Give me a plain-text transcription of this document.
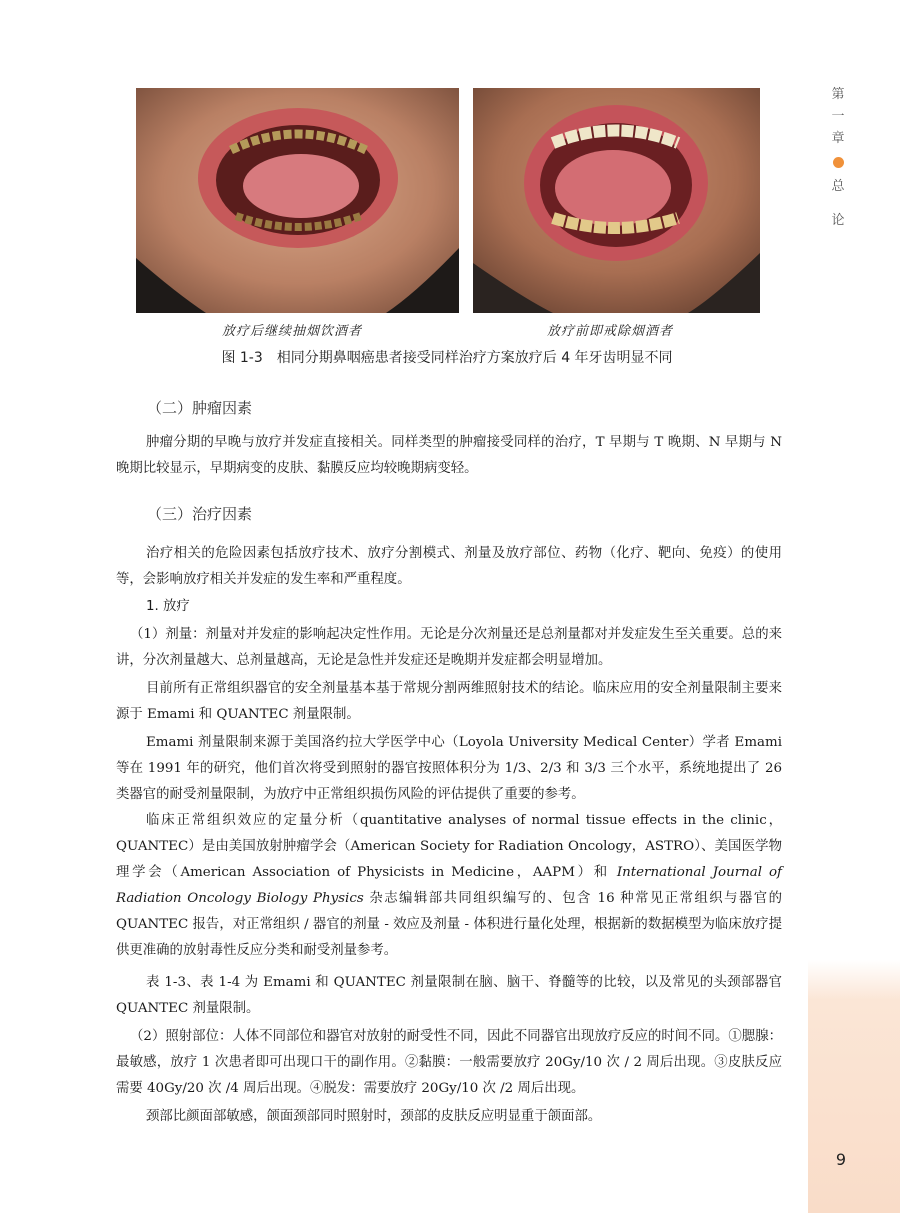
第
一
章
总
论
9
放疗后继续抽烟饮酒者	放疗前即戒除烟酒者
图 1-3　相同分期鼻咽癌患者接受同样治疗方案放疗后 4 年牙齿明显不同
（二）肿瘤因素
肿瘤分期的早晚与放疗并发症直接相关。同样类型的肿瘤接受同样的治疗，T 早期与 T 晚期、N 早期与 N 晚期比较显示，早期病变的皮肤、黏膜反应均较晚期病变轻。
（三）治疗因素
治疗相关的危险因素包括放疗技术、放疗分割模式、剂量及放疗部位、药物（化疗、靶向、免疫）的使用等，会影响放疗相关并发症的发生率和严重程度。
1. 放疗
（1）剂量：剂量对并发症的影响起决定性作用。无论是分次剂量还是总剂量都对并发症发生至关重要。总的来讲，分次剂量越大、总剂量越高，无论是急性并发症还是晚期并发症都会明显增加。
目前所有正常组织器官的安全剂量基本基于常规分割两维照射技术的结论。临床应用的安全剂量限制主要来源于 Emami 和 QUANTEC 剂量限制。
Emami 剂量限制来源于美国洛约拉大学医学中心（Loyola University Medical Center）学者 Emami 等在 1991 年的研究，他们首次将受到照射的器官按照体积分为 1/3、2/3 和 3/3 三个水平，系统地提出了 26 类器官的耐受剂量限制，为放疗中正常组织损伤风险的评估提供了重要的参考。
临床正常组织效应的定量分析（quantitative analyses of normal tissue effects in the clinic，QUANTEC）是由美国放射肿瘤学会（American Society for Radiation Oncology，ASTRO）、美国医学物理学会（American Association of Physicists in Medicine，AAPM）和 International Journal of Radiation Oncology Biology Physics 杂志编辑部共同组织编写的、包含 16 种常见正常组织与器官的 QUANTEC 报告，对正常组织 / 器官的剂量 - 效应及剂量 - 体积进行量化处理，根据新的数据模型为临床放疗提供更准确的放射毒性反应分类和耐受剂量参考。
表 1-3、表 1-4 为 Emami 和 QUANTEC 剂量限制在脑、脑干、脊髓等的比较，以及常见的头颈部器官 QUANTEC 剂量限制。
（2）照射部位：人体不同部位和器官对放射的耐受性不同，因此不同器官出现放疗反应的时间不同。①腮腺：最敏感，放疗 1 次患者即可出现口干的副作用。②黏膜：一般需要放疗 20Gy/10 次 / 2 周后出现。③皮肤反应需要 40Gy/20 次 /4 周后出现。④脱发：需要放疗 20Gy/10 次 /2 周后出现。
颈部比颜面部敏感，颌面颈部同时照射时，颈部的皮肤反应明显重于颌面部。
